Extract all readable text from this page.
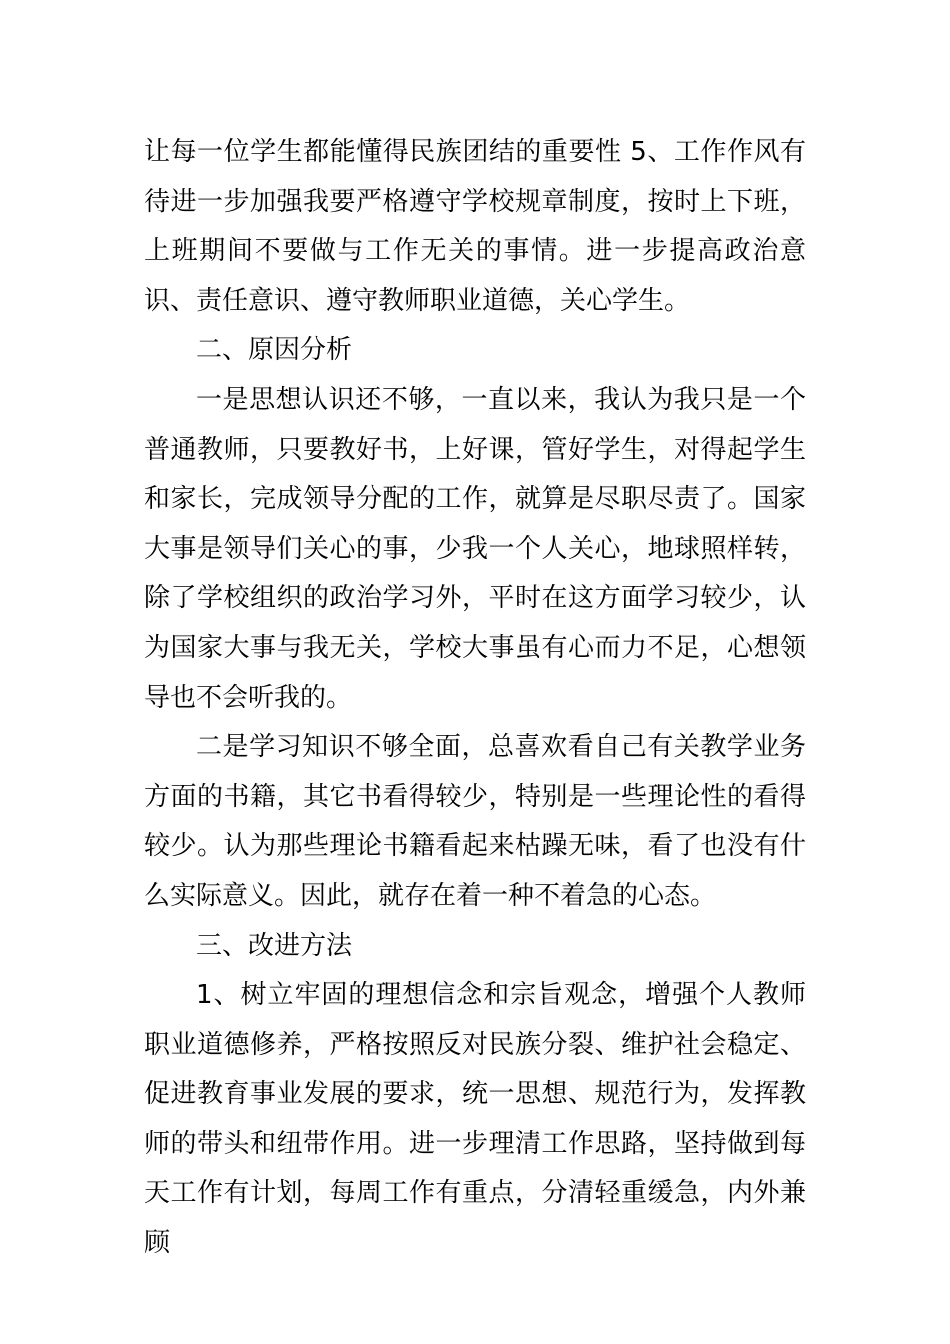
让每一位学生都能懂得民族团结的重要性 5、工作作风有待进一步加强我要严格遵守学校规章制度，按时上下班，上班期间不要做与工作无关的事情。进一步提高政治意识、责任意识、遵守教师职业道德，关心学生。

二、原因分析

一是思想认识还不够，一直以来，我认为我只是一个普通教师，只要教好书，上好课，管好学生，对得起学生和家长，完成领导分配的工作，就算是尽职尽责了。国家大事是领导们关心的事，少我一个人关心，地球照样转，除了学校组织的政治学习外，平时在这方面学习较少，认为国家大事与我无关，学校大事虽有心而力不足，心想领导也不会听我的。

二是学习知识不够全面，总喜欢看自己有关教学业务方面的书籍，其它书看得较少，特别是一些理论性的看得较少。认为那些理论书籍看起来枯躁无味，看了也没有什么实际意义。因此，就存在着一种不着急的心态。

三、改进方法

1、树立牢固的理想信念和宗旨观念，增强个人教师职业道德修养，严格按照反对民族分裂、维护社会稳定、促进教育事业发展的要求，统一思想、规范行为，发挥教师的带头和纽带作用。进一步理清工作思路，坚持做到每天工作有计划，每周工作有重点，分清轻重缓急，内外兼顾
